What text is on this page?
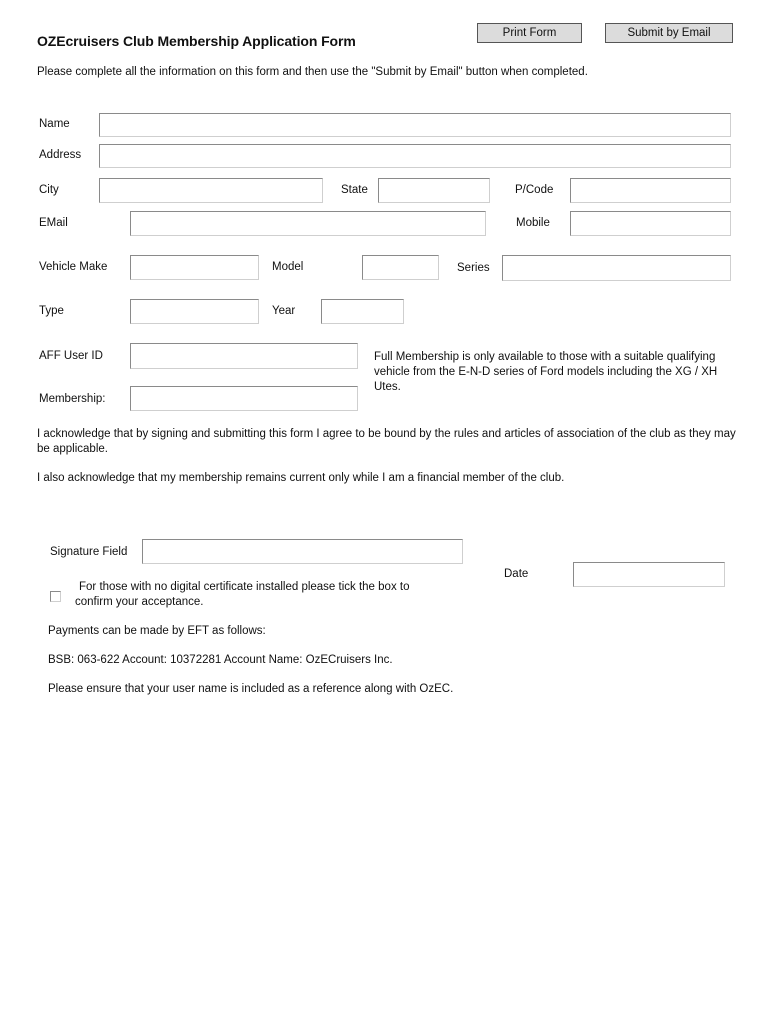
OZEcruisers Club Membership Application Form	Print Form	Submit by Email
Please complete all the information on this form and then use the "Submit by Email" button when completed.
Name
Address
City	State	P/Code
EMail	Mobile
Vehicle Make	Model	Series
Type	Year
AFF User ID
Membership:
Full Membership is only available to those with a suitable qualifying vehicle from the E-N-D series of Ford models including the XG / XH Utes.
I acknowledge that by signing and submitting this form I agree to be bound by the rules and articles of association of the club as they may be applicable.
I also acknowledge that my membership remains current only while I am a financial member of the club.
Signature Field
Date
For those with no digital certificate installed please tick the box to
confirm your acceptance.
Payments can be made by EFT as follows:
BSB: 063-622 Account: 10372281 Account Name: OzECruisers Inc.
Please ensure that your user name is included as a reference along with OzEC.
